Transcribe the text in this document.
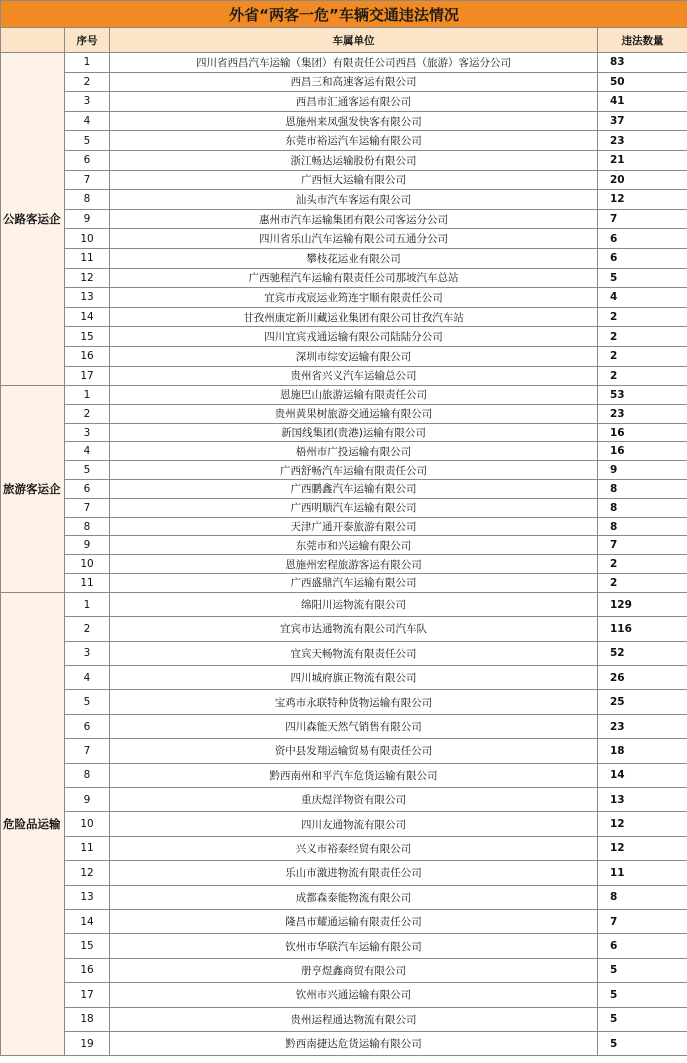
外省“两客一危”车辆交通违法情况			
	序号	车属单位	违法数量
公路客运企	1	四川省西昌汽车运输（集团）有限责任公司西昌（旅游）客运分公司	83
	2	西昌三和高速客运有限公司	50
	3	西昌市汇通客运有限公司	41
	4	恩施州来凤强发快客有限公司	37
	5	东莞市裕运汽车运输有限公司	23
	6	浙江畅达运输股份有限公司	21
	7	广西恒大运输有限公司	20
	8	汕头市汽车客运有限公司	12
	9	惠州市汽车运输集团有限公司客运分公司	7
	10	四川省乐山汽车运输有限公司五通分公司	6
	11	攀枝花运业有限公司	6
	12	广西驰程汽车运输有限责任公司那坡汽车总站	5
	13	宜宾市戎宸运业筠连宇顺有限责任公司	4
	14	甘孜州康定新川藏运业集团有限公司甘孜汽车站	2
	15	四川宜宾戎通运输有限公司陆陆分公司	2
	16	深圳市综安运输有限公司	2
	17	贵州省兴义汽车运输总公司	2
旅游客运企	1	恩施巴山旅游运输有限责任公司	53
	2	贵州黄果树旅游交通运输有限公司	23
	3	新国线集团(贵港)运输有限公司	16
	4	梧州市广投运输有限公司	16
	5	广西舒畅汽车运输有限责任公司	9
	6	广西鹏鑫汽车运输有限公司	8
	7	广西明顺汽车运输有限公司	8
	8	天津广通开泰旅游有限公司	8
	9	东莞市和兴运输有限公司	7
	10	恩施州宏程旅游客运有限公司	2
	11	广西盛鼎汽车运输有限公司	2
危险品运输	1	绵阳川运物流有限公司	129
	2	宜宾市达通物流有限公司汽车队	116
	3	宜宾天畅物流有限责任公司	52
	4	四川城府旗正物流有限公司	26
	5	宝鸡市永联特种货物运输有限公司	25
	6	四川森能天然气销售有限公司	23
	7	资中县发翔运输贸易有限责任公司	18
	8	黔西南州和平汽车危货运输有限公司	14
	9	重庆煜洋物资有限公司	13
	10	四川友通物流有限公司	12
	11	兴义市裕泰经贸有限公司	12
	12	乐山市激进物流有限责任公司	11
	13	成都森泰能物流有限公司	8
	14	隆昌市耀通运输有限责任公司	7
	15	钦州市华联汽车运输有限公司	6
	16	册亨煜鑫商贸有限公司	5
	17	钦州市兴通运输有限公司	5
	18	贵州运程通达物流有限公司	5
	19	黔西南捷达危货运输有限公司	5
